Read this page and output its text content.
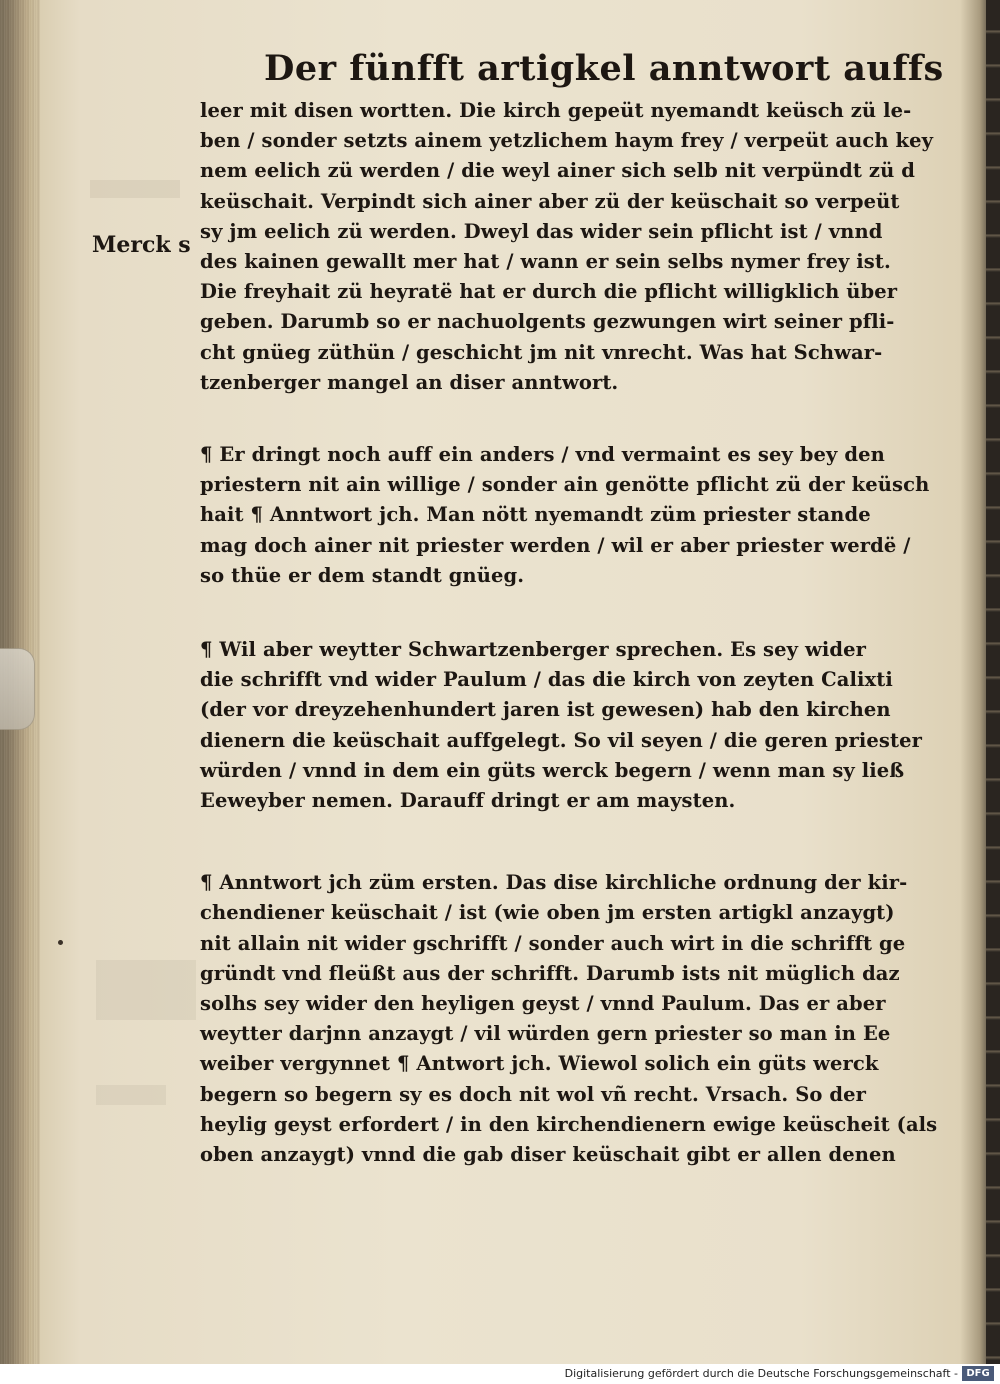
Merck s
Der fünfft artigkel anntwort auffs
leer mit disen wortten. Die kirch gepeüt nyemandt keüsch zü le-
ben / sonder setzts ainem yetzlichem haym frey / verpeüt auch key
nem eelich zü werden / die weyl ainer sich selb nit verpündt zü d
keüschait. Verpindt sich ainer aber zü der keüschait so verpeüt
sy jm eelich zü werden. Dweyl das wider sein pflicht ist / vnnd
des kainen gewallt mer hat / wann er sein selbs nymer frey ist.
Die freyhait zü heyratë hat er durch die pflicht willigklich über
geben. Darumb so er nachuolgents gezwungen wirt seiner pfli-
cht gnüeg züthün / geschicht jm nit vnrecht. Was hat Schwar-
tzenberger mangel an diser anntwort.
¶ Er dringt noch auff ein anders / vnd vermaint es sey bey den
priestern nit ain willige / sonder ain genötte pflicht zü der keüsch
hait ¶ Anntwort jch. Man nött nyemandt züm priester stande
mag doch ainer nit priester werden / wil er aber priester werdë /
so thüe er dem standt gnüeg.
¶ Wil aber weytter Schwartzenberger sprechen. Es sey wider
die schrifft vnd wider Paulum / das die kirch von zeyten Calixti
(der vor dreyzehenhundert jaren ist gewesen) hab den kirchen
dienern die keüschait auffgelegt. So vil seyen / die geren priester
würden / vnnd in dem ein güts werck begern / wenn man sy ließ
Eeweyber nemen. Darauff dringt er am maysten.
¶ Anntwort jch züm ersten. Das dise kirchliche ordnung der kir-
chendiener keüschait / ist (wie oben jm ersten artigkl anzaygt)
nit allain nit wider gschrifft / sonder auch wirt in die schrifft ge
gründt vnd fleüßt aus der schrifft. Darumb ists nit müglich daz
solhs sey wider den heyligen geyst / vnnd Paulum. Das er aber
weytter darjnn anzaygt / vil würden gern priester so man in Ee
weiber vergynnet ¶ Antwort jch. Wiewol solich ein güts werck
begern so begern sy es doch nit wol vñ recht. Vrsach. So der
heylig geyst erfordert / in den kirchendienern ewige keüscheit (als
oben anzaygt) vnnd die gab diser keüschait gibt er allen denen
Digitalisierung gefördert durch die Deutsche Forschungsgemeinschaft - DFG
